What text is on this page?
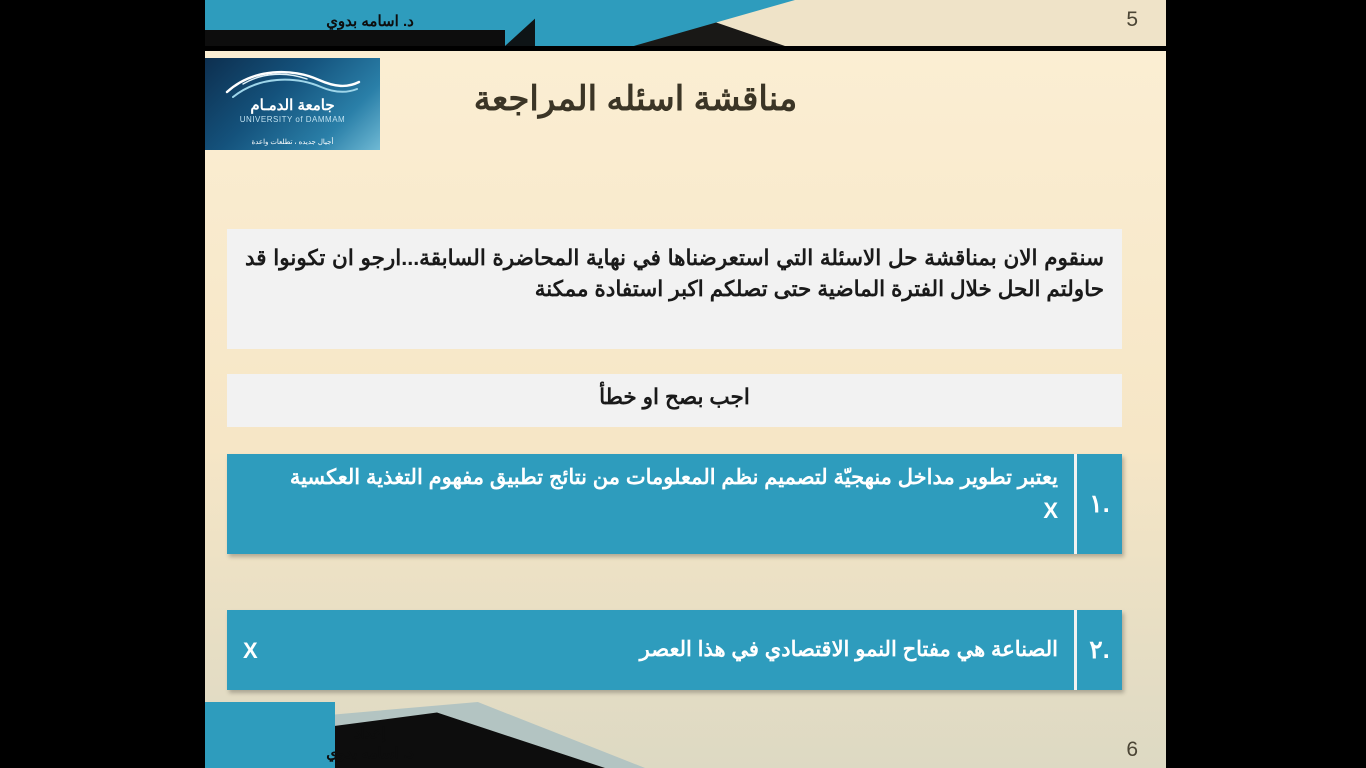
د. اسامه بدوي	5
جامعة الدمـام
UNIVERSITY of DAMMAM
أجيال جديده ، تطلعات واعدة
مناقشة اسئله المراجعة
سنقوم الان بمناقشة حل الاسئلة التي استعرضناها في نهاية المحاضرة السابقة...ارجو ان تكونوا قد حاولتم الحل خلال الفترة الماضية حتى تصلكم اكبر استفادة ممكنة
اجب بصح او خطأ
١.
يعتبر تطوير مداخل منهجيّة لتصميم نظم المعلومات من نتائج تطبيق مفهوم التغذية العكسية
X
٢.
الصناعة هي مفتاح النمو الاقتصادي في هذا العصر
X
إعداد
د. اسامه بدوي	6
